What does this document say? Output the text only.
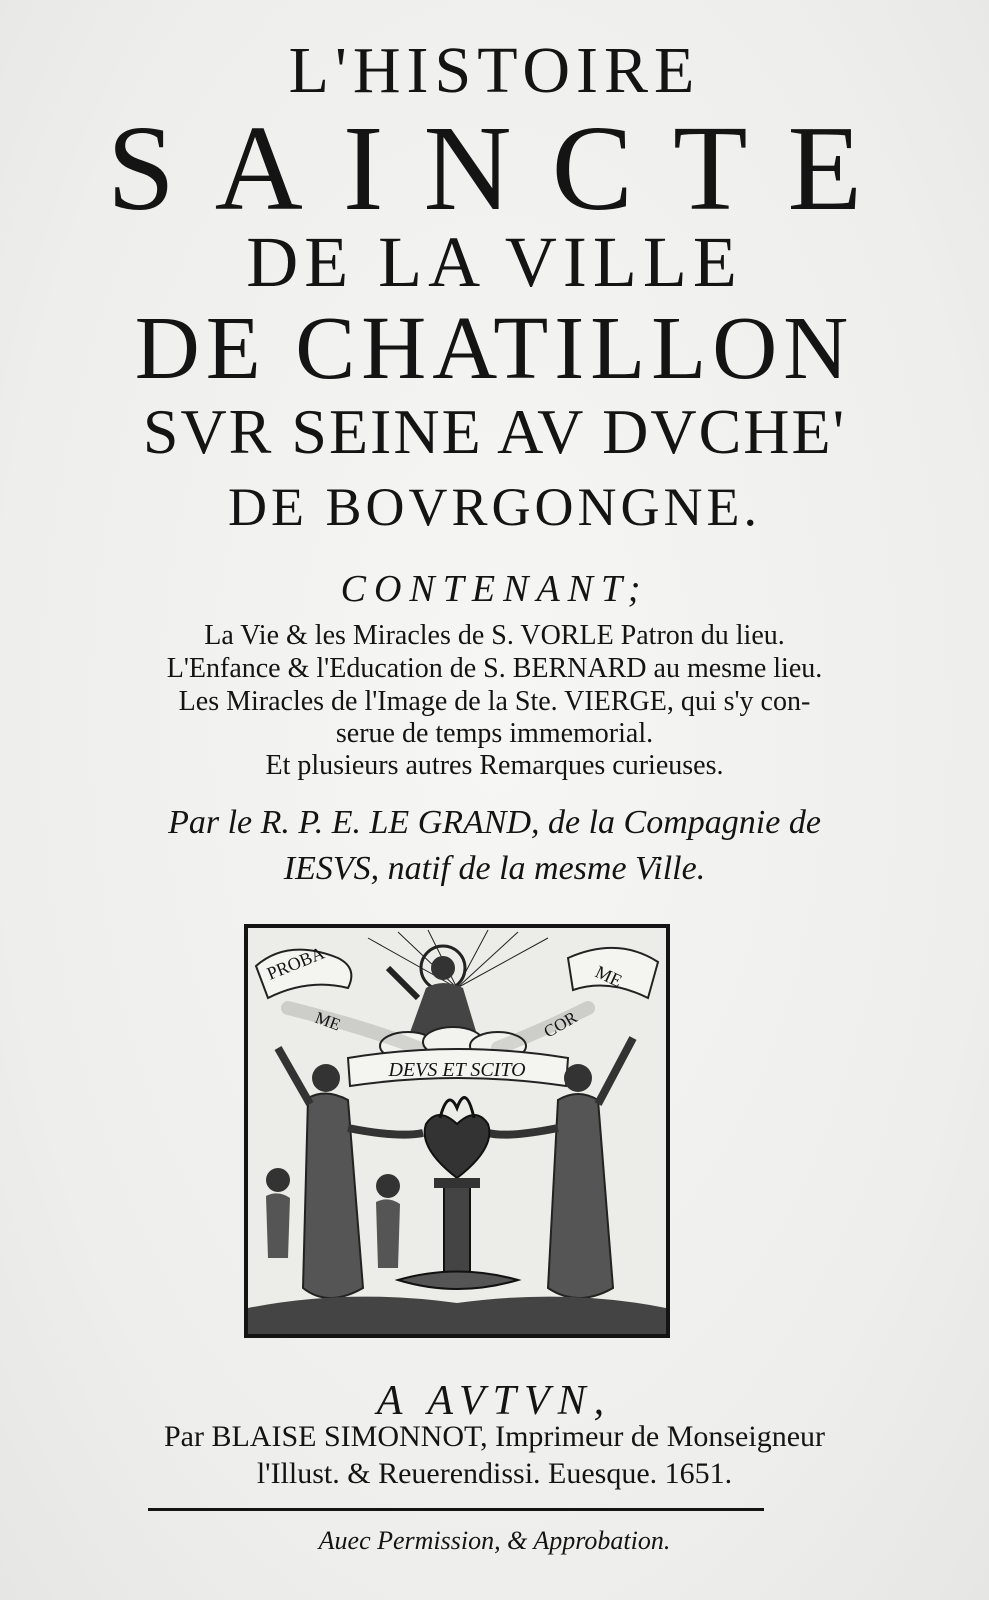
L'HISTOIRE
SAINCTE
DE LA VILLE
DE CHATILLON
SVR SEINE AV DVCHE'
DE BOVRGONGNE.
CONTENANT;
La Vie & les Miracles de S. VORLE Patron du lieu.
L'Enfance & l'Education de S. BERNARD au mesme lieu.
Les Miracles de l'Image de la Ste. VIERGE, qui s'y con-
serue de temps immemorial.
Et plusieurs autres Remarques curieuses.
Par le R. P. E. LE GRAND, de la Compagnie de
IESVS, natif de la mesme Ville.
PROBA
ME
ME
COR
DEVS ET SCITO
A AVTVN,
Par BLAISE SIMONNOT, Imprimeur de Monseigneur
l'Illust. & Reuerendissi. Euesque. 1651.
Auec Permission, & Approbation.
